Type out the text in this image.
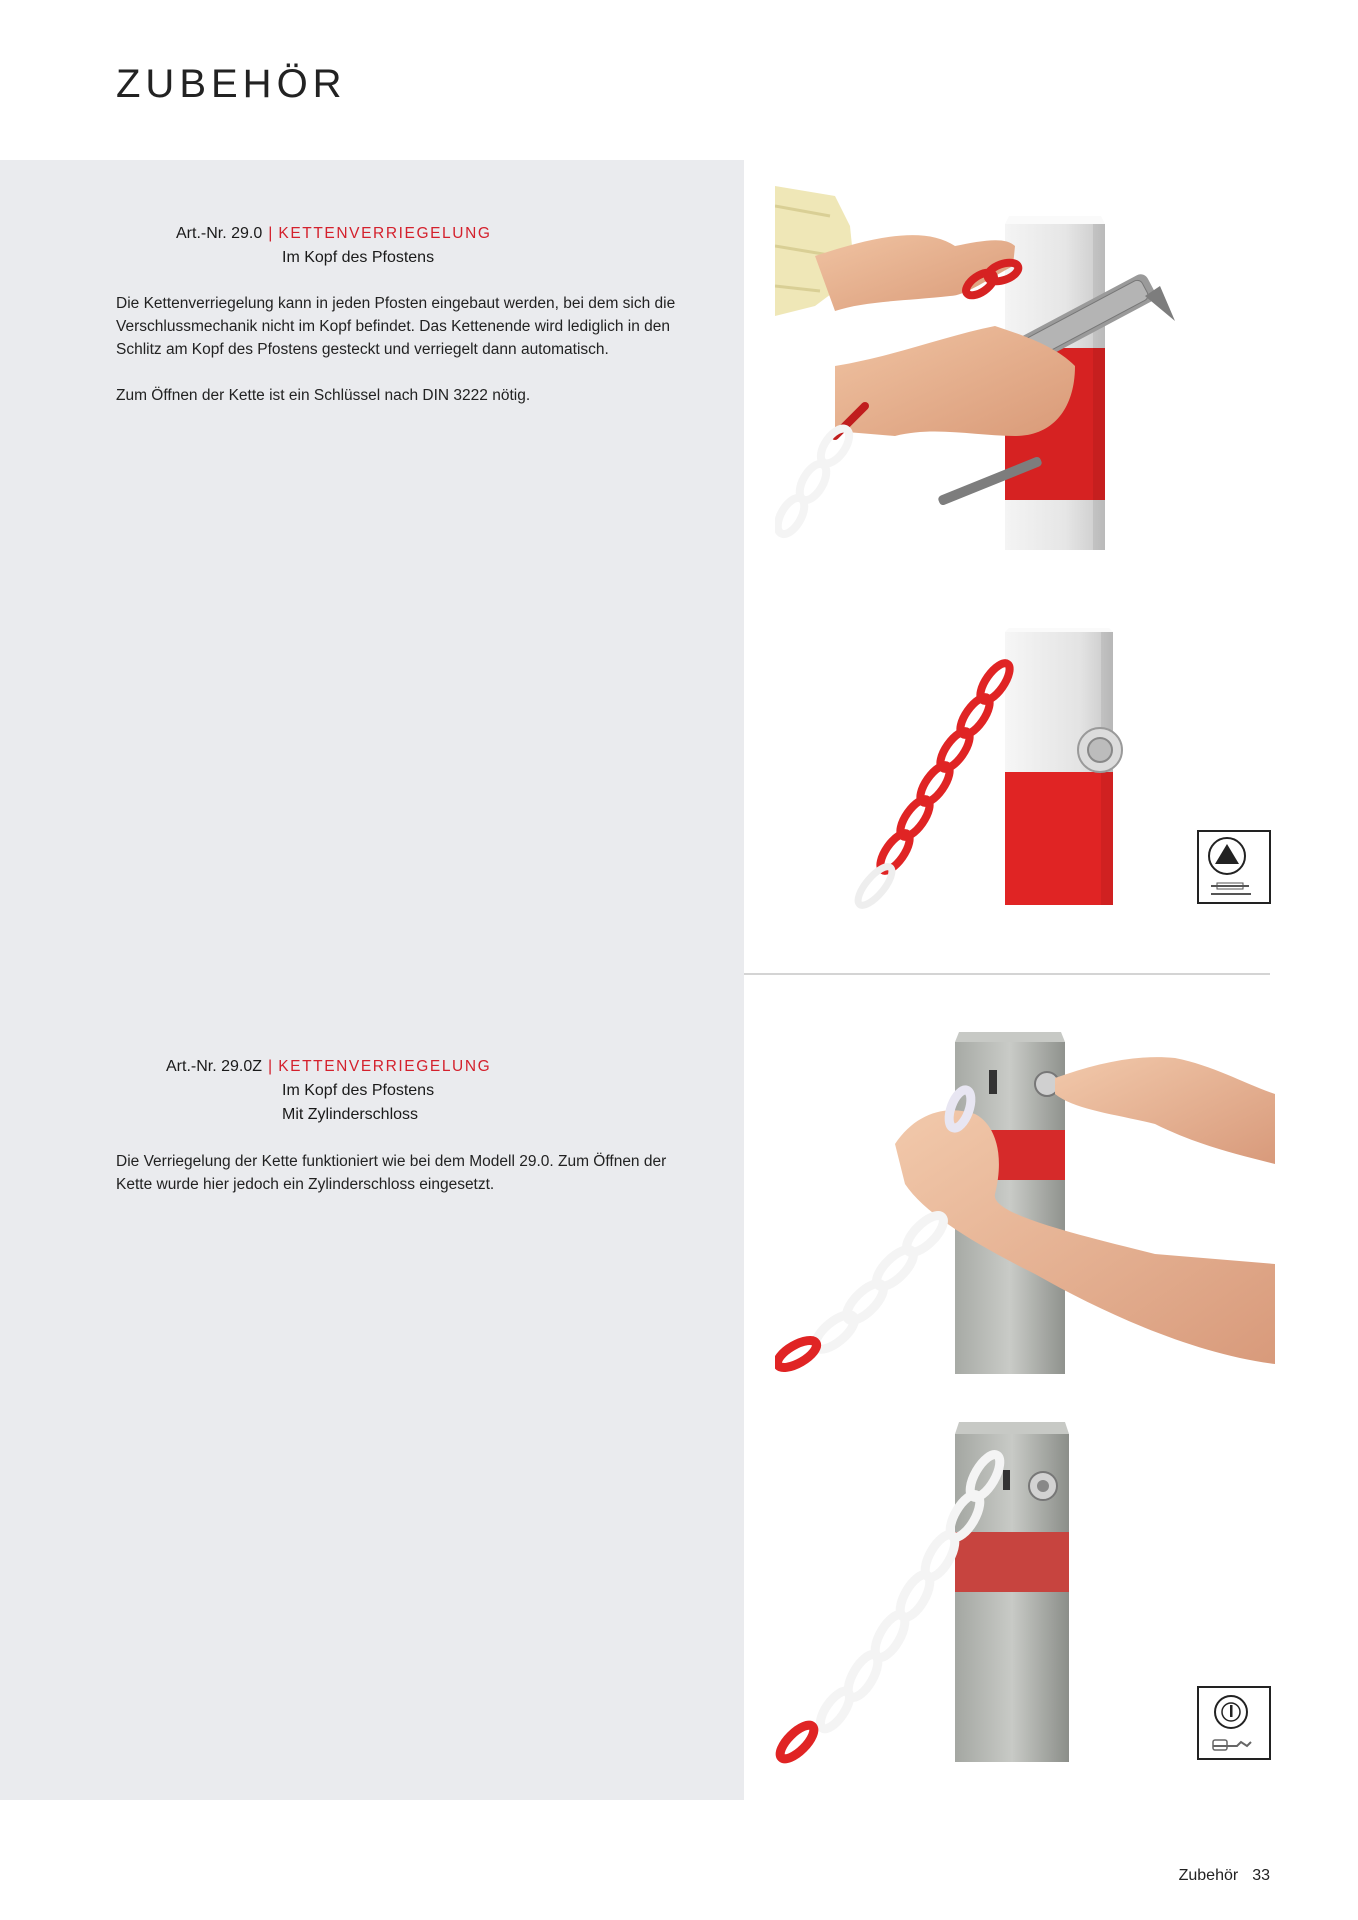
ZUBEHÖR
Art.-Nr. 29.0 | KETTENVERRIEGELUNG
Im Kopf des Pfostens

Die Kettenverriegelung kann in jeden Pfosten eingebaut werden, bei dem sich die Verschlussmechanik nicht im Kopf befindet. Das Kettenende wird lediglich in den Schlitz am Kopf des Pfostens gesteckt und verriegelt dann automatisch.

Zum Öffnen der Kette ist ein Schlüssel nach DIN 3222 nötig.

Art.-Nr. 29.0Z | KETTENVERRIEGELUNG
Im Kopf des Pfostens
Mit Zylinderschloss

Die Verriegelung der Kette funktioniert wie bei dem Modell 29.0. Zum Öffnen der Kette wurde hier jedoch ein Zylinderschloss eingesetzt.

Zubehör 33
